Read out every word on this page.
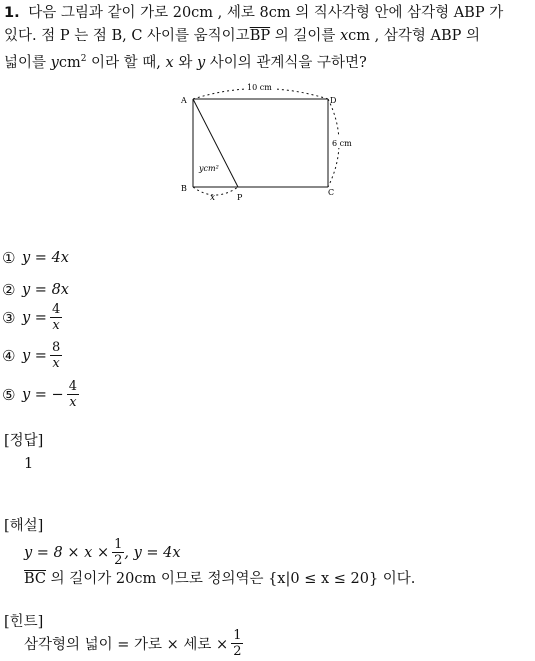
1. 다음 그림과 같이 가로 20cm , 세로 8cm 의 직사각형 안에 삼각형 ABP 가
있다. 점 P 는 점 B, C 사이를 움직이고$\overline{BP}$ 의 길이를 xcm , 삼각형 ABP 의
넓이를 ycm$^2$ 이라 할 때, x 와 y 사이의 관계식을 구하면?
A	D
B	C
P
10 cm
6 cm
ycm²
x
① y =
4x
② y =
8x
③ $y = \frac{4}{x}$
④ $y = \frac{8}{x}$
⑤ y = − $\frac{4}{x}$
[정답]
1
[해설]
$y = 8 \times x \times \frac{1}{2}$ , y = 4x
$\overline{BC}$ 의 길이가 20cm 이므로 정의역은 {x|0 ≤ x ≤ 20} 이다.
[힌트]
삼각형의 넓이 = 가로 × 세로 × $\frac{1}{2}$
